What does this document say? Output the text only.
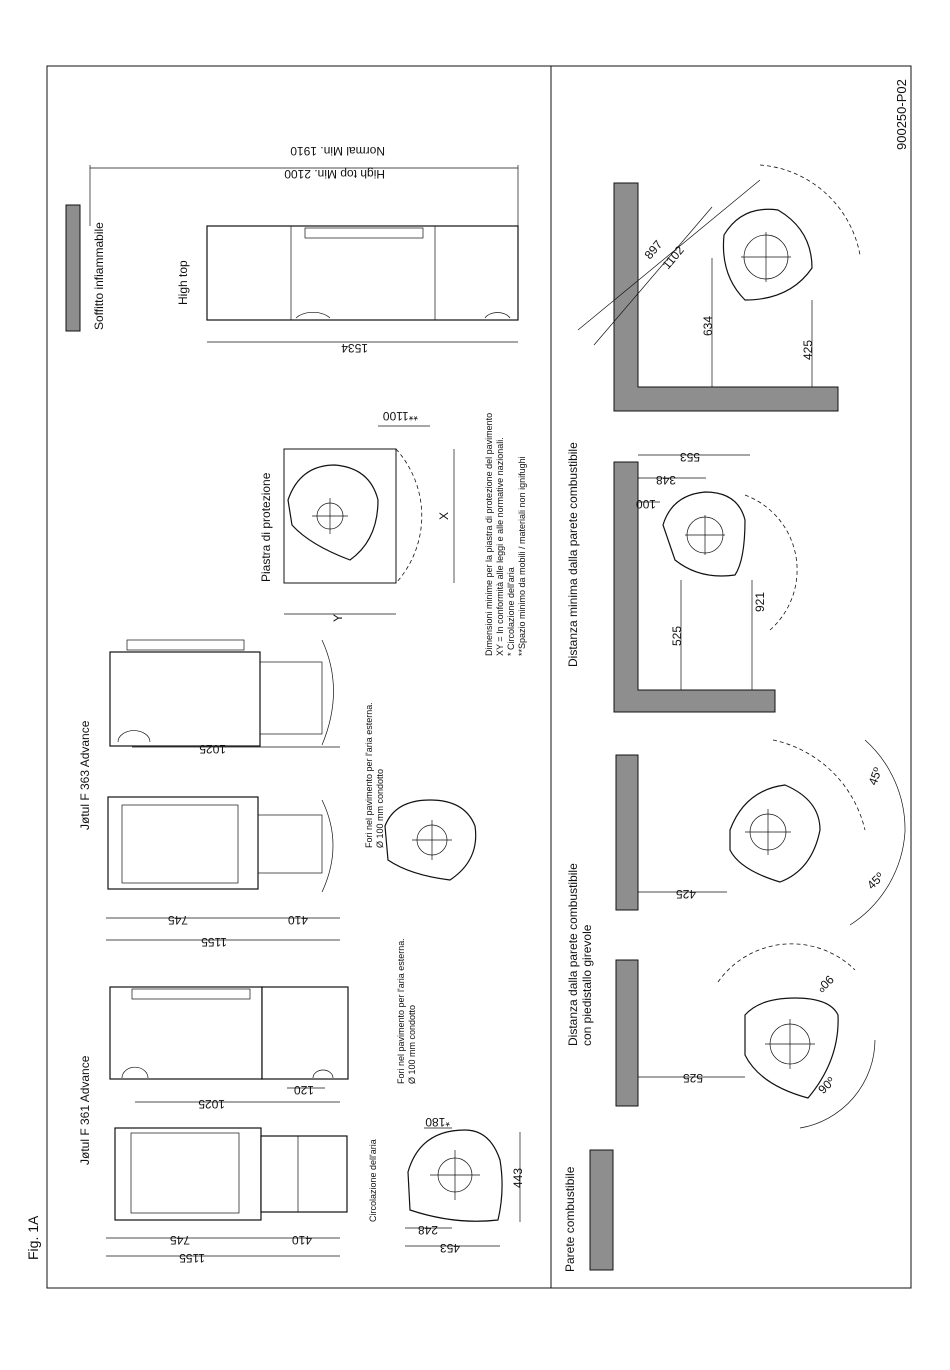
Fig. 1A
900250-P02
Soffitto infiammabile	High top
High top Min. 2100
Normal Min. 1910
1534
Jøtul F 361 Advance
1155
745	410
1025
120
453
248
*180
443
Circolazione dell'aria
Fori nel pavimento per l'aria esterna. Ø 100 mm condotto
Jøtul F 363 Advance
1155
745	410
1025	Fori nel pavimento per l'aria esterna. Ø 100 mm condotto
Piastra di protezione	X
Y
**1100	Dimensioni minime per la piastra di protezione del pavimento XY = In conformità alle leggi e alle normative nazionali. * Circolazione dell'aria **Spazio minimo da mobili / materiali non ignifughi
Parete combustibile
Distanza dalla parete combustibile con piedistallo girevole
Distanza minima dalla parete combustibile
525
90º
90º
425
45º
45º
525
921
100
348
553
634
425
897
1102
